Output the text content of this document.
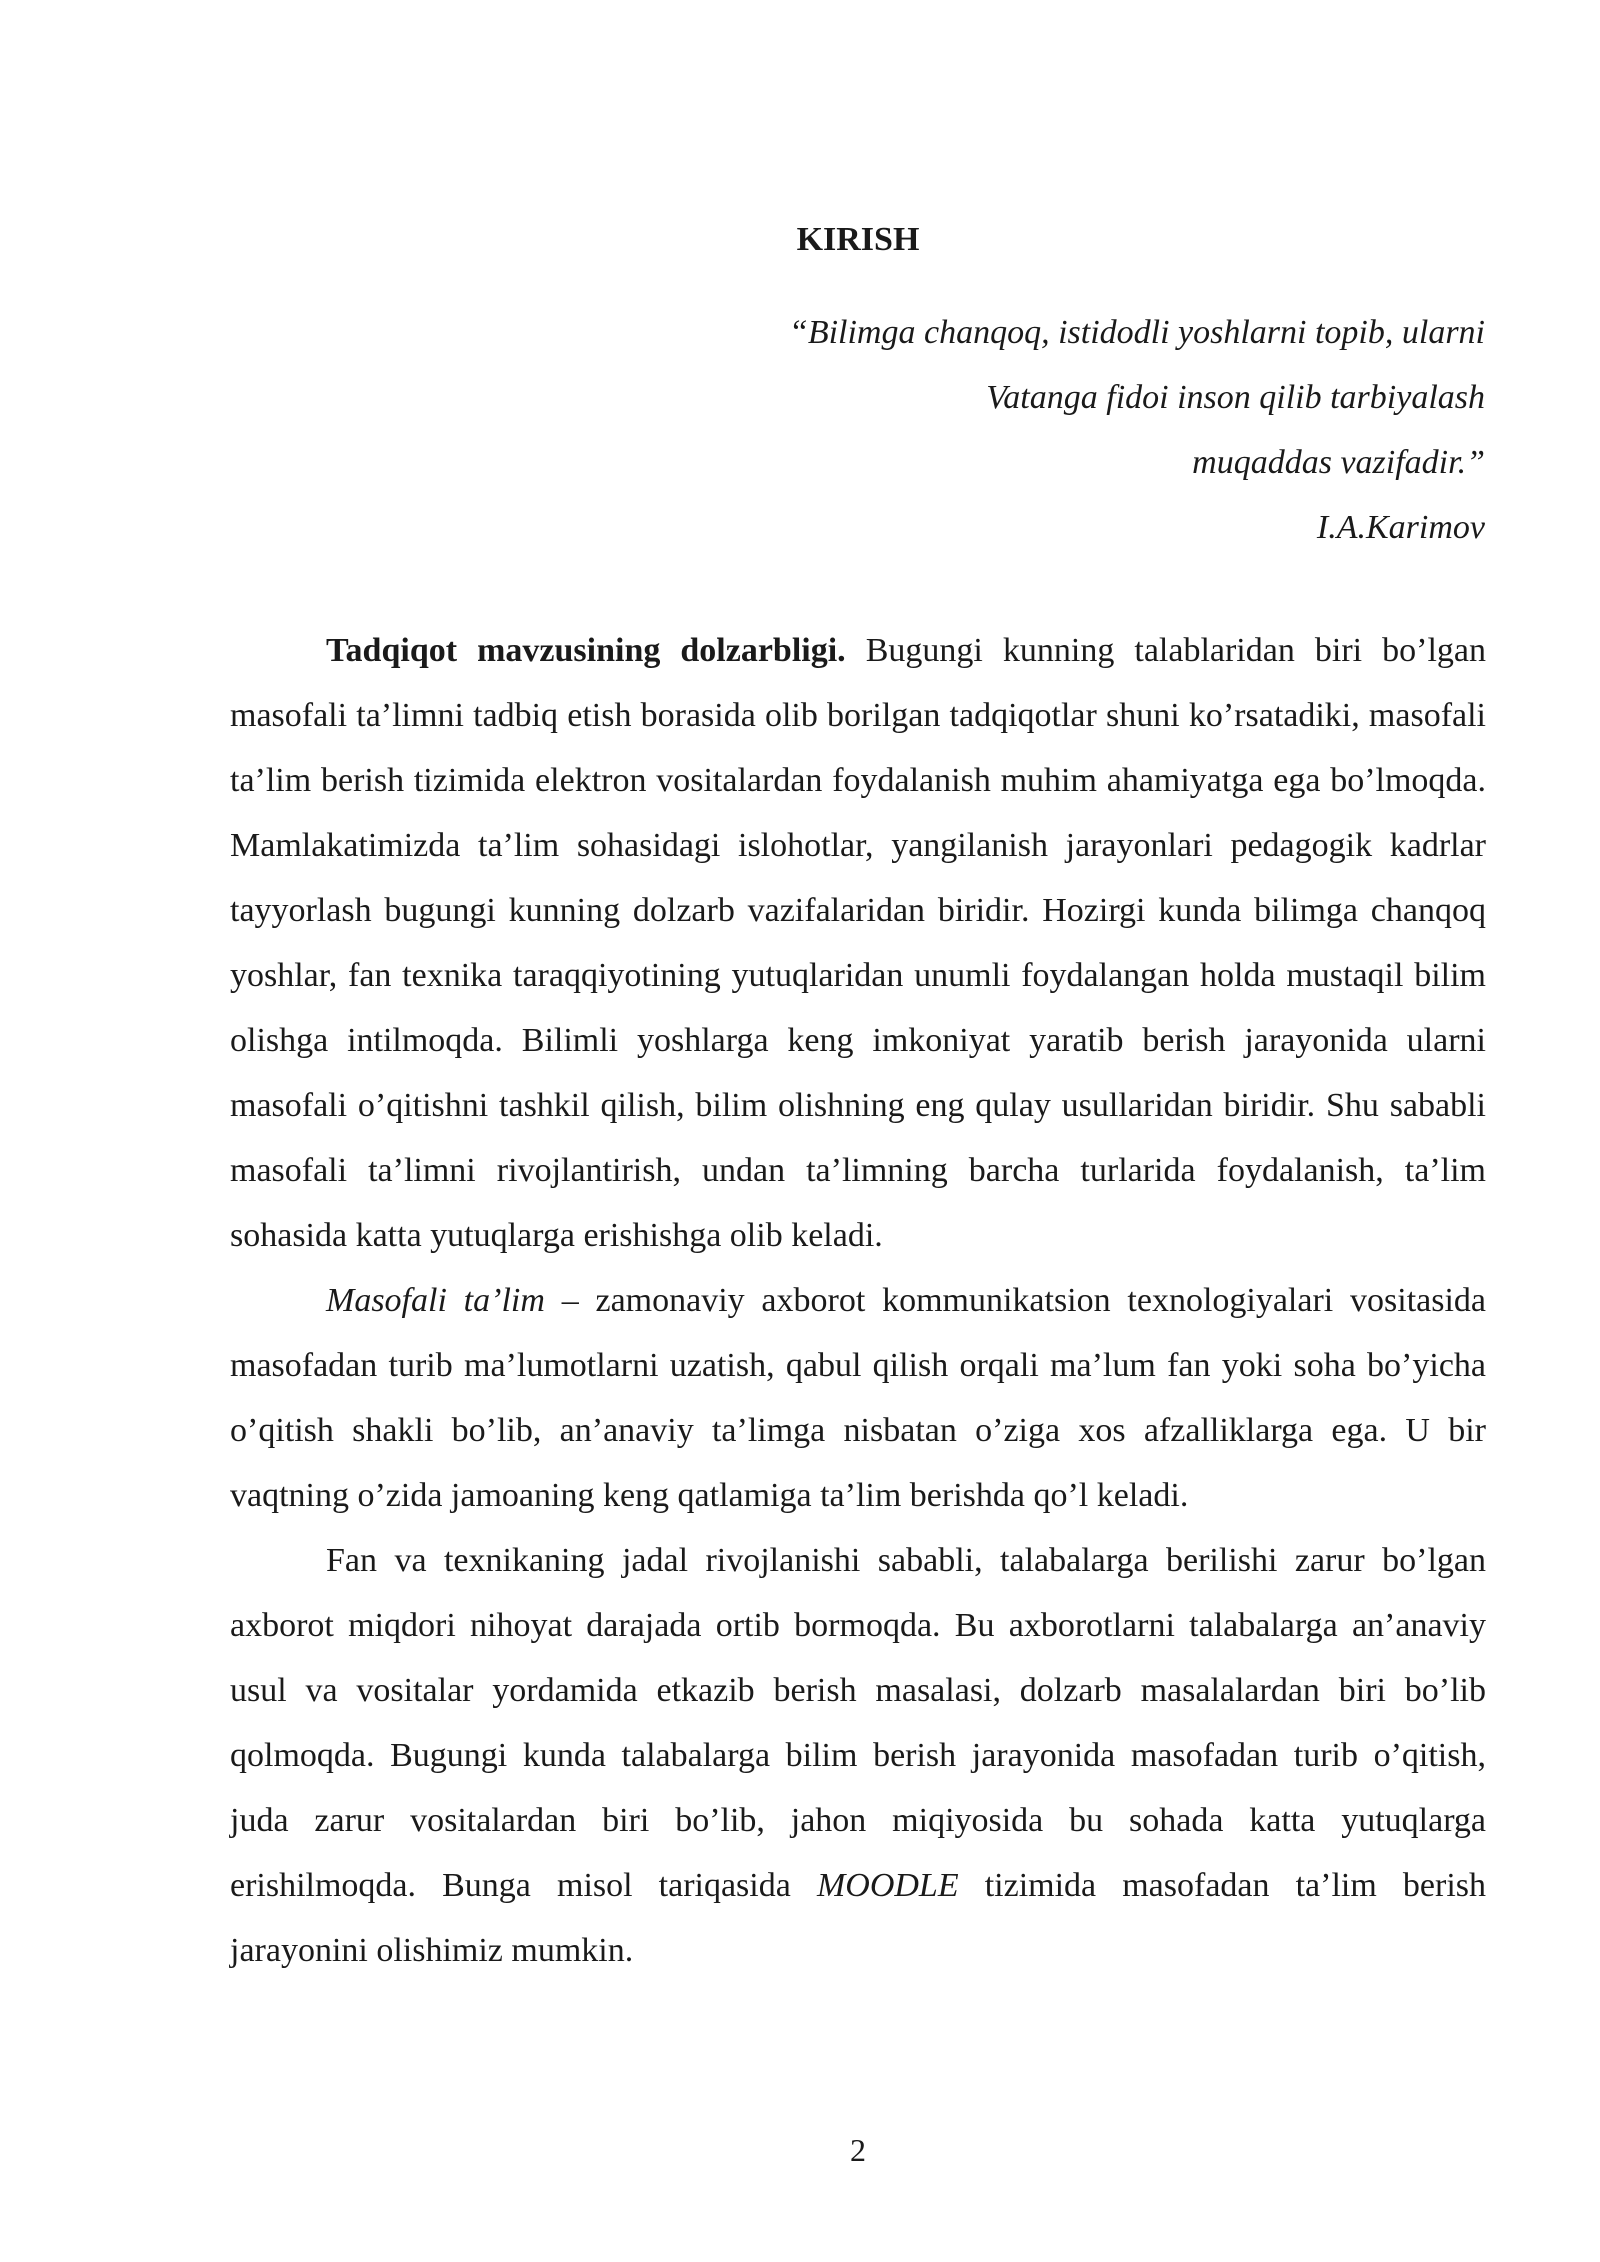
KIRISH
“Bilimga chanqoq, istidodli yoshlarni topib, ularni
Vatanga fidoi inson qilib tarbiyalash
muqaddas vazifadir.”
I.A.Karimov

Tadqiqot mavzusining dolzarbligi. Bugungi kunning talablaridan biri bo’lgan masofali ta’limni tadbiq etish borasida olib borilgan tadqiqotlar shuni ko’rsatadiki, masofali ta’lim berish tizimida elektron vositalardan foydalanish muhim ahamiyatga ega bo’lmoqda. Mamlakatimizda ta’lim sohasidagi islohotlar, yangilanish jarayonlari pedagogik kadrlar tayyorlash bugungi kunning dolzarb vazifalaridan biridir. Hozirgi kunda bilimga chanqoq yoshlar, fan texnika taraqqiyotining yutuqlaridan unumli foydalangan holda mustaqil bilim olishga intilmoqda. Bilimli yoshlarga keng imkoniyat yaratib berish jarayonida ularni masofali o’qitishni tashkil qilish, bilim olishning eng qulay usullaridan biridir. Shu sababli masofali ta’limni rivojlantirish, undan ta’limning barcha turlarida foydalanish, ta’lim sohasida katta yutuqlarga erishishga olib keladi.

Masofali ta’lim – zamonaviy axborot kommunikatsion texnologiyalari vositasida masofadan turib ma’lumotlarni uzatish, qabul qilish orqali ma’lum fan yoki soha bo’yicha o’qitish shakli bo’lib, an’anaviy ta’limga nisbatan o’ziga xos afzalliklarga ega. U bir vaqtning o’zida jamoaning keng qatlamiga ta’lim berishda qo’l keladi.

Fan va texnikaning jadal rivojlanishi sababli, talabalarga berilishi zarur bo’lgan axborot miqdori nihoyat darajada ortib bormoqda. Bu axborotlarni talabalarga an’anaviy usul va vositalar yordamida etkazib berish masalasi, dolzarb masalalardan biri bo’lib qolmoqda. Bugungi kunda talabalarga bilim berish jarayonida masofadan turib o’qitish, juda zarur vositalardan biri bo’lib, jahon miqiyosida bu sohada katta yutuqlarga erishilmoqda. Bunga misol tariqasida MOODLE tizimida masofadan ta’lim berish jarayonini olishimiz mumkin.

2
